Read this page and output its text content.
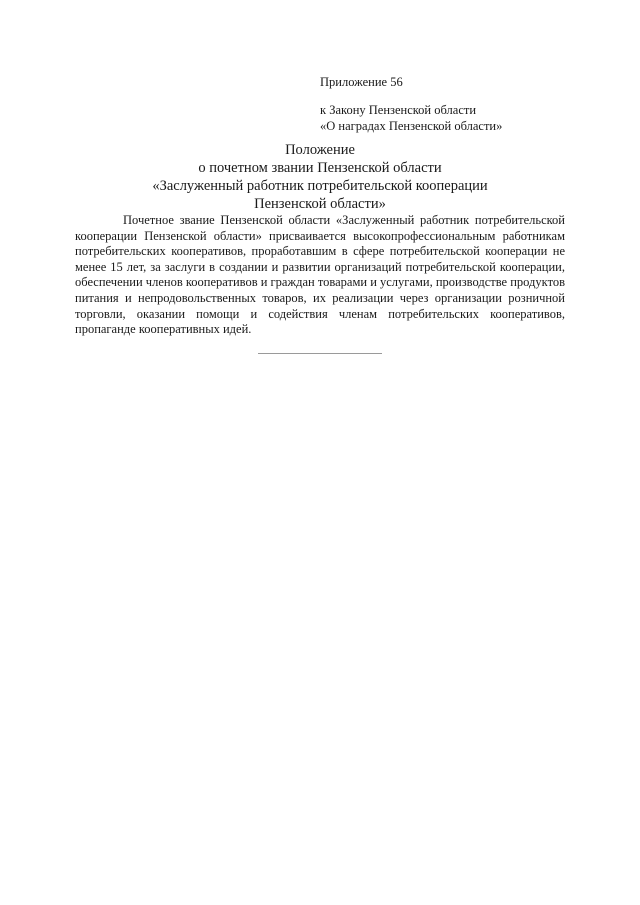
Приложение 56
к Закону Пензенской области
«О наградах Пензенской области»
Положение
о почетном звании Пензенской области
«Заслуженный работник потребительской кооперации
Пензенской области»

Почетное звание Пензенской области «Заслуженный работник потребительской кооперации Пензенской области» присваивается высокопрофессиональным работникам потребительских кооперативов, проработавшим в сфере потребительской кооперации не менее 15 лет, за заслуги в создании и развитии организаций потребительской кооперации, обеспечении членов кооперативов и граждан товарами и услугами, производстве продуктов питания и непродовольственных товаров, их реализации через организации розничной торговли, оказании помощи и содействия членам потребительских кооперативов, пропаганде кооперативных идей.
